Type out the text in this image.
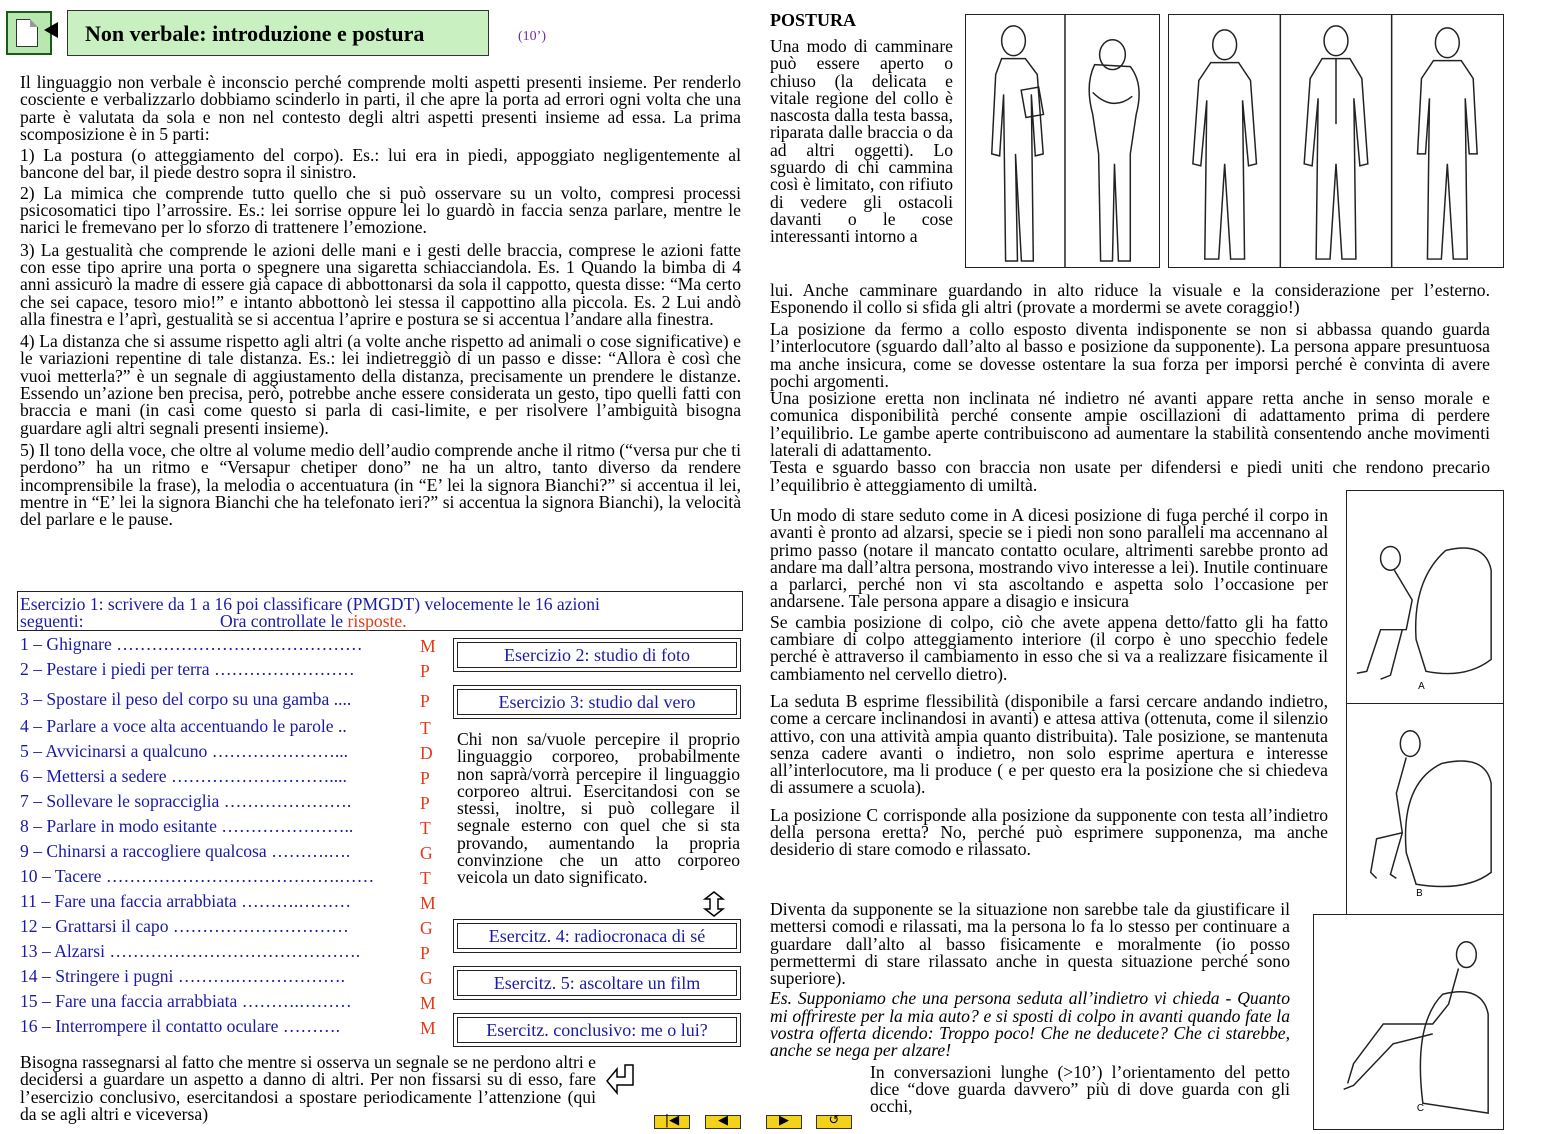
Non verbale: introduzione e postura	(10’)

Il linguaggio non verbale è inconscio perché comprende molti aspetti presenti insieme. Per renderlo cosciente e verbalizzarlo dobbiamo scinderlo in parti, il che apre la porta ad errori ogni volta che una parte è valutata da sola e non nel contesto degli altri aspetti presenti insieme ad essa. La prima scomposizione è in 5 parti:

1) La postura (o atteggiamento del corpo). Es.: lui era in piedi, appoggiato negligentemente al bancone del bar, il piede destro sopra il sinistro.

2) La mimica che comprende tutto quello che si può osservare su un volto, compresi processi psicosomatici tipo l’arrossire. Es.: lei sorrise oppure lei lo guardò in faccia senza parlare, mentre le narici le fremevano per lo sforzo di trattenere l’emozione.

3) La gestualità che comprende le azioni delle mani e i gesti delle braccia, comprese le azioni fatte con esse tipo aprire una porta o spegnere una sigaretta schiacciandola. Es. 1 Quando la bimba di 4 anni assicurò la madre di essere già capace di abbottonarsi da sola il cappotto, questa disse: “Ma certo che sei capace, tesoro mio!” e intanto abbottonò lei stessa il cappottino alla piccola. Es. 2 Lui andò alla finestra e l’aprì, gestualità se si accentua l’aprire e postura se si accentua l’andare alla finestra.

4) La distanza che si assume rispetto agli altri (a volte anche rispetto ad animali o cose significative) e le variazioni repentine di tale distanza. Es.: lei indietreggiò di un passo e disse: “Allora è così che vuoi metterla?” è un segnale di aggiustamento della distanza, precisamente un prendere le distanze. Essendo un’azione ben precisa, però, potrebbe anche essere considerata un gesto, tipo quelli fatti con braccia e mani (in casi come questo si parla di casi-limite, e per risolvere l’ambiguità bisogna guardare agli altri segnali presenti insieme).

5) Il tono della voce, che oltre al volume medio dell’audio comprende anche il ritmo (“versa pur che ti perdono” ha un ritmo e “Versapur chetiper dono” ne ha un altro, tanto diverso da rendere incomprensibile la frase), la melodia o accentuatura (in “E’ lei la signora Bianchi?” si accentua il lei, mentre in “E’ lei la signora Bianchi che ha telefonato ieri?” si accentua la signora Bianchi), la velocità del parlare e le pause.

Esercizio 1: scrivere da 1 a 16 poi classificare (PMGDT) velocemente le 16 azioni
seguenti:	Ora controllate le risposte.
1 – Ghignare ……………………………………	M
2 – Pestare i piedi per terra ……………………	P
3 – Spostare il peso del corpo su una gamba ....	P
4 – Parlare a voce alta accentuando le parole ..	T
5 – Avvicinarsi a qualcuno …………………...	D
6 – Mettersi a sedere ………………………....	P
7 – Sollevare le sopracciglia ………………….	P
8 – Parlare in modo esitante …………………..	T
9 – Chinarsi a raccogliere qualcosa ……….….	G
10 – Tacere ………………………………….……	T
11 – Fare una faccia arrabbiata ……….………	M
12 – Grattarsi il capo …………………………	G
13 – Alzarsi …………………………………….	P
14 – Stringere i pugni ……….……………….	G
15 – Fare una faccia arrabbiata ……….………	M
16 – Interrompere il contatto oculare ……….	M
Esercizio 2: studio di foto
Esercizio 3: studio dal vero
Esercitz. 4: radiocronaca di sé
Esercitz. 5: ascoltare un film
Esercitz. conclusivo: me o lui?
Chi non sa/vuole percepire il proprio linguaggio corporeo, probabilmente non saprà/vorrà percepire il linguaggio corporeo altrui. Esercitandosi con se stessi, inoltre, si può collegare il segnale esterno con quel che si sta provando, aumentando la propria convinzione che un atto corporeo veicola un dato significato.
Bisogna rassegnarsi al fatto che mentre si osserva un segnale se ne perdono altri e decidersi a guardare un aspetto a danno di altri. Per non fissarsi su di esso, fare l’esercizio conclusivo, esercitandosi a spostare periodicamente l’attenzione (qui da se agli altri e viceversa)	|◀	◀	▶	↺
POSTURA
Una modo di camminare può essere aperto o chiuso (la delicata e vitale regione del collo è nascosta dalla testa bassa, riparata dalle braccia o da ad altri oggetti). Lo sguardo di chi cammina così è limitato, con rifiuto di vedere gli ostacoli davanti o le cose interessanti intorno a
lui. Anche camminare guardando in alto riduce la visuale e la considerazione per l’esterno. Esponendo il collo si sfida gli altri (provate a mordermi se avete coraggio!)

La posizione da fermo a collo esposto diventa indisponente se non si abbassa quando guarda l’interlocutore (sguardo dall’alto al basso e posizione da supponente). La persona appare presuntuosa ma anche insicura, come se dovesse ostentare la sua forza per imporsi perché è convinta di avere pochi argomenti.

Una posizione eretta non inclinata né indietro né avanti appare retta anche in senso morale e comunica disponibilità perché consente ampie oscillazioni di adattamento prima di perdere l’equilibrio. Le gambe aperte contribuiscono ad aumentare la stabilità consentendo anche movimenti laterali di adattamento.

Testa e sguardo basso con braccia non usate per difendersi e piedi uniti che rendono precario l’equilibrio è atteggiamento di umiltà.

Un modo di stare seduto come in A dicesi posizione di fuga perché il corpo in avanti è pronto ad alzarsi, specie se i piedi non sono paralleli ma accennano al primo passo (notare il mancato contatto oculare, altrimenti sarebbe pronto ad andare ma dall’altra persona, mostrando vivo interesse a lei). Inutile continuare a parlarci, perché non vi sta ascoltando e aspetta solo l’occasione per andarsene. Tale persona appare a disagio e insicura

Se cambia posizione di colpo, ciò che avete appena detto/fatto gli ha fatto cambiare di colpo atteggiamento interiore (il corpo è uno specchio fedele perché è attraverso il cambiamento in esso che si va a realizzare fisicamente il cambiamento nel cervello dietro).

La seduta B esprime flessibilità (disponibile a farsi cercare andando indietro, come a cercare inclinandosi in avanti) e attesa attiva (ottenuta, come il silenzio attivo, con una attività ampia quanto distribuita). Tale posizione, se mantenuta senza cadere avanti o indietro, non solo esprime apertura e interesse all’interlocutore, ma li produce ( e per questo era la posizione che si chiedeva di assumere a scuola).

La posizione C corrisponde alla posizione da supponente con testa all’indietro della persona eretta? No, perché può esprimere supponenza, ma anche desiderio di stare comodo e rilassato.

Diventa da supponente se la situazione non sarebbe tale da giustificare il mettersi comodi e rilassati, ma la persona lo fa lo stesso per continuare a guardare dall’alto al basso fisicamente e moralmente (io posso permettermi di stare rilassato anche in questa situazione perché sono superiore).

Es. Supponiamo che una persona seduta all’indietro vi chieda - Quanto mi offrireste per la mia auto? e si sposti di colpo in avanti quando fate la vostra offerta dicendo: Troppo poco! Che ne deducete? Che ci starebbe, anche se nega per alzare!

In conversazioni lunghe (>10’) l’orientamento del petto dice “dove guarda davvero” più di dove guarda con gli occhi,

A
B
C
